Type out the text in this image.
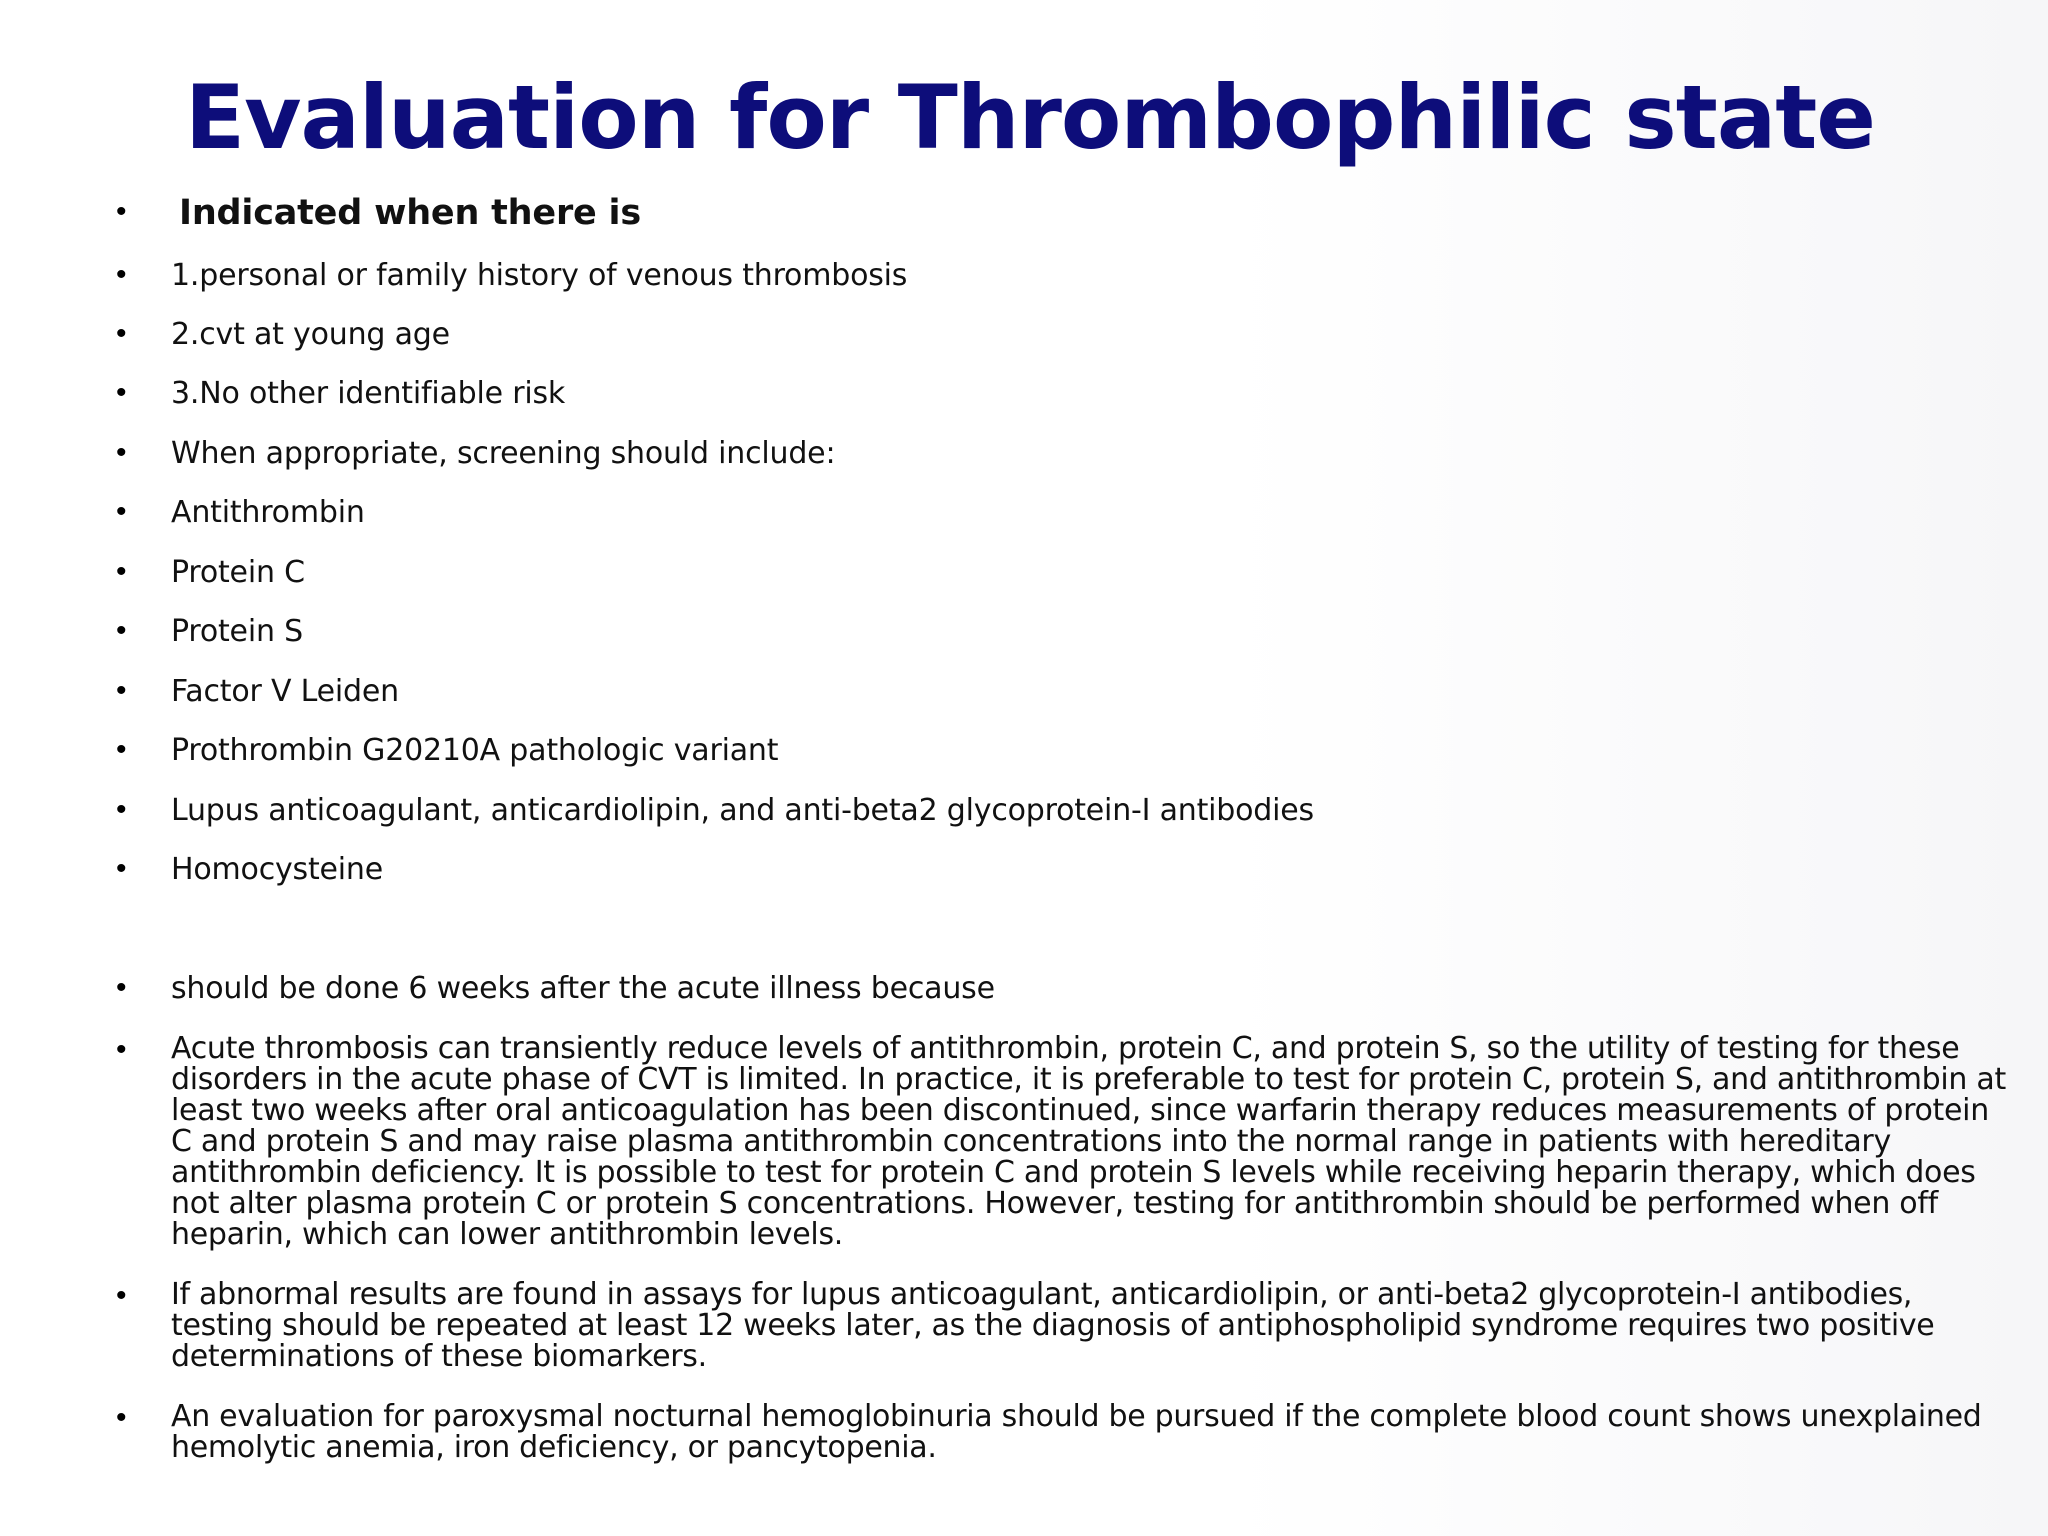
Evaluation for Thrombophilic state
• Indicated when there is
• 1.personal or family history of venous thrombosis
• 2.cvt at young age
• 3.No other identifiable risk
• When appropriate, screening should include:
• Antithrombin
• Protein C
• Protein S
• Factor V Leiden
• Prothrombin G20210A pathologic variant
• Lupus anticoagulant, anticardiolipin, and anti-beta2 glycoprotein-I antibodies
• Homocysteine
• should be done 6 weeks after the acute illness because
• Acute thrombosis can transiently reduce levels of antithrombin, protein C, and protein S, so the utility of testing for these disorders in the acute phase of CVT is limited. In practice, it is preferable to test for protein C, protein S, and antithrombin at least two weeks after oral anticoagulation has been discontinued, since warfarin therapy reduces measurements of protein C and protein S and may raise plasma antithrombin concentrations into the normal range in patients with hereditary antithrombin deficiency. It is possible to test for protein C and protein S levels while receiving heparin therapy, which does not alter plasma protein C or protein S concentrations. However, testing for antithrombin should be performed when off heparin, which can lower antithrombin levels.
• If abnormal results are found in assays for lupus anticoagulant, anticardiolipin, or anti-beta2 glycoprotein-I antibodies, testing should be repeated at least 12 weeks later, as the diagnosis of antiphospholipid syndrome requires two positive determinations of these biomarkers.
• An evaluation for paroxysmal nocturnal hemoglobinuria should be pursued if the complete blood count shows unexplained hemolytic anemia, iron deficiency, or pancytopenia.
